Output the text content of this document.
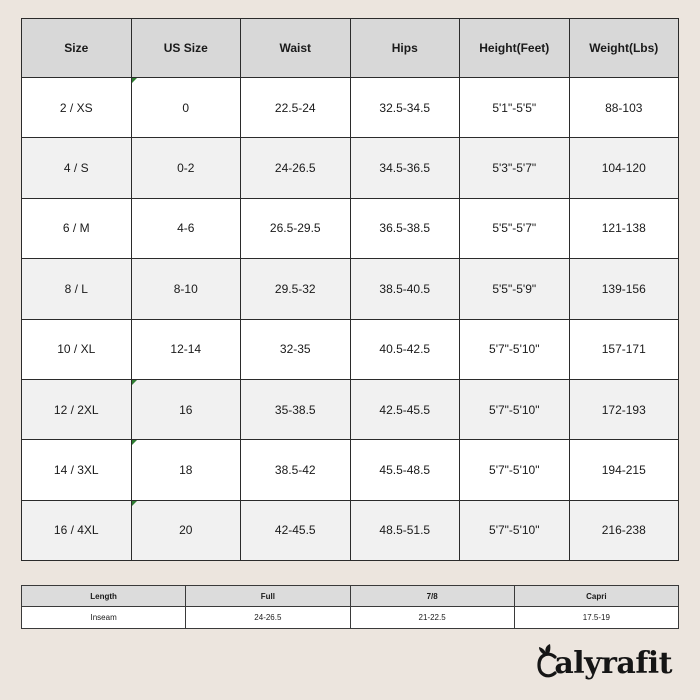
Size	US Size	Waist	Hips	Height(Feet)	Weight(Lbs)
2 / XS	0	22.5-24	32.5-34.5	5'1"-5'5"	88-103
4 / S	0-2	24-26.5	34.5-36.5	5'3"-5'7"	104-120
6 / M	4-6	26.5-29.5	36.5-38.5	5'5"-5'7"	121-138
8 / L	8-10	29.5-32	38.5-40.5	5'5"-5'9"	139-156
10 / XL	12-14	32-35	40.5-42.5	5'7"-5'10"	157-171
12 / 2XL	16	35-38.5	42.5-45.5	5'7"-5'10"	172-193
14 / 3XL	18	38.5-42	45.5-48.5	5'7"-5'10"	194-215
16 / 4XL	20	42-45.5	48.5-51.5	5'7"-5'10"	216-238
Length	Full	7/8	Capri
Inseam	24-26.5	21-22.5	17.5-19
alyrafit
